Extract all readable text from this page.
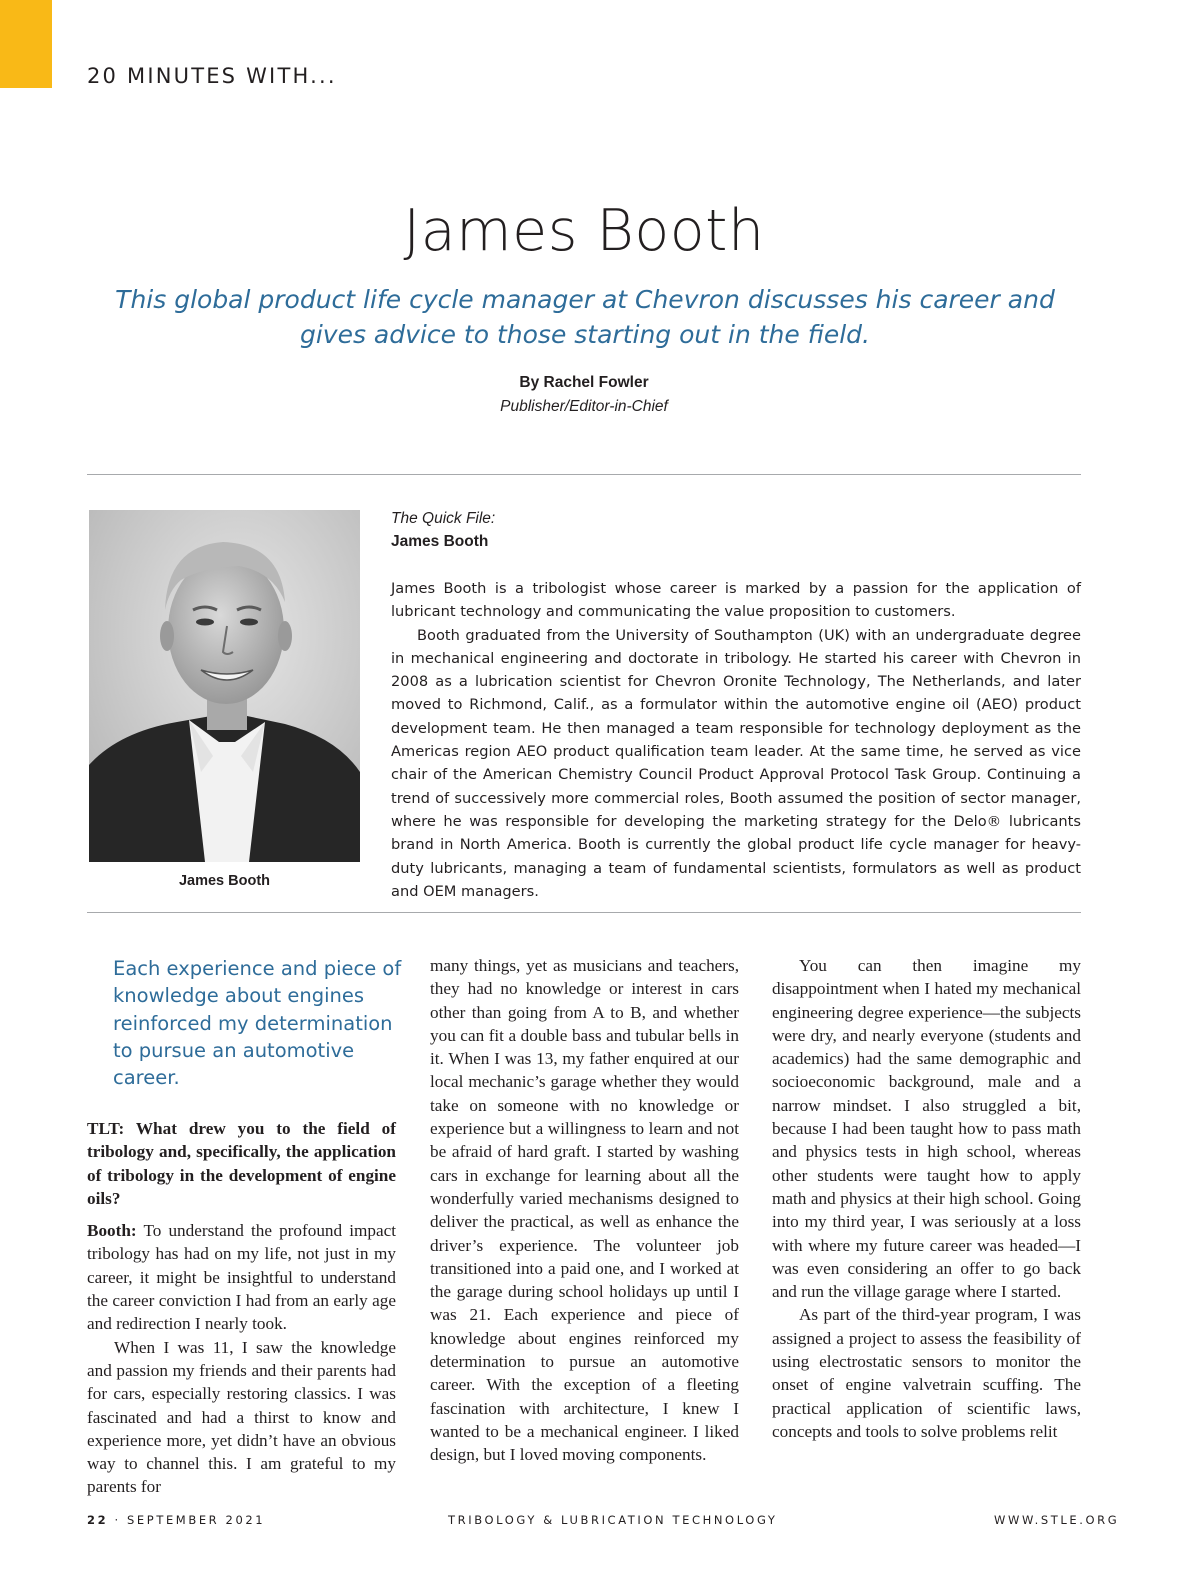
20 MINUTES WITH...
James Booth
This global product life cycle manager at Chevron discusses his career and gives advice to those starting out in the field.
By Rachel Fowler
Publisher/Editor-in-Chief
James Booth
The Quick File:
James Booth

James Booth is a tribologist whose career is marked by a passion for the application of lubricant technology and communicating the value proposition to customers.

Booth graduated from the University of Southampton (UK) with an undergraduate degree in mechanical engineering and doctorate in tribology. He started his career with Chevron in 2008 as a lubrication scientist for Chevron Oronite Technology, The Netherlands, and later moved to Richmond, Calif., as a formulator within the automotive engine oil (AEO) product development team. He then managed a team responsible for technology deployment as the Americas region AEO product qualification team leader. At the same time, he served as vice chair of the American Chemistry Council Product Approval Protocol Task Group. Continuing a trend of successively more commercial roles, Booth assumed the position of sector manager, where he was responsible for developing the marketing strategy for the Delo® lubricants brand in North America. Booth is currently the global product life cycle manager for heavy-duty lubricants, managing a team of fundamental scientists, formulators as well as product and OEM managers.

Each experience and piece of knowledge about engines reinforced my determination to pursue an automotive career.

TLT: What drew you to the field of tribology and, specifically, the application of tribology in the development of engine oils?

Booth: To understand the profound impact tribology has had on my life, not just in my career, it might be insightful to understand the career conviction I had from an early age and redirection I nearly took.

When I was 11, I saw the knowledge and passion my friends and their parents had for cars, especially restoring classics. I was fascinated and had a thirst to know and experience more, yet didn’t have an obvious way to channel this. I am grateful to my parents for

many things, yet as musicians and teachers, they had no knowledge or interest in cars other than going from A to B, and whether you can fit a double bass and tubular bells in it. When I was 13, my father enquired at our local mechanic’s garage whether they would take on someone with no knowledge or experience but a willingness to learn and not be afraid of hard graft. I started by washing cars in exchange for learning about all the wonderfully varied mechanisms designed to deliver the practical, as well as enhance the driver’s experience. The volunteer job transitioned into a paid one, and I worked at the garage during school holidays up until I was 21. Each experience and piece of knowledge about engines reinforced my determination to pursue an automotive career. With the exception of a fleeting fascination with architecture, I knew I wanted to be a mechanical engineer. I liked design, but I loved moving components.

You can then imagine my disappointment when I hated my mechanical engineering degree experience—the subjects were dry, and nearly everyone (students and academics) had the same demographic and socioeconomic background, male and a narrow mindset. I also struggled a bit, because I had been taught how to pass math and physics tests in high school, whereas other students were taught how to apply math and physics at their high school. Going into my third year, I was seriously at a loss with where my future career was headed—I was even considering an offer to go back and run the village garage where I started.

As part of the third-year program, I was assigned a project to assess the feasibility of using electrostatic sensors to monitor the onset of engine valvetrain scuffing. The practical application of scientific laws, concepts and tools to solve problems relit

22 · SEPTEMBER 2021	TRIBOLOGY & LUBRICATION TECHNOLOGY	WWW.STLE.ORG
